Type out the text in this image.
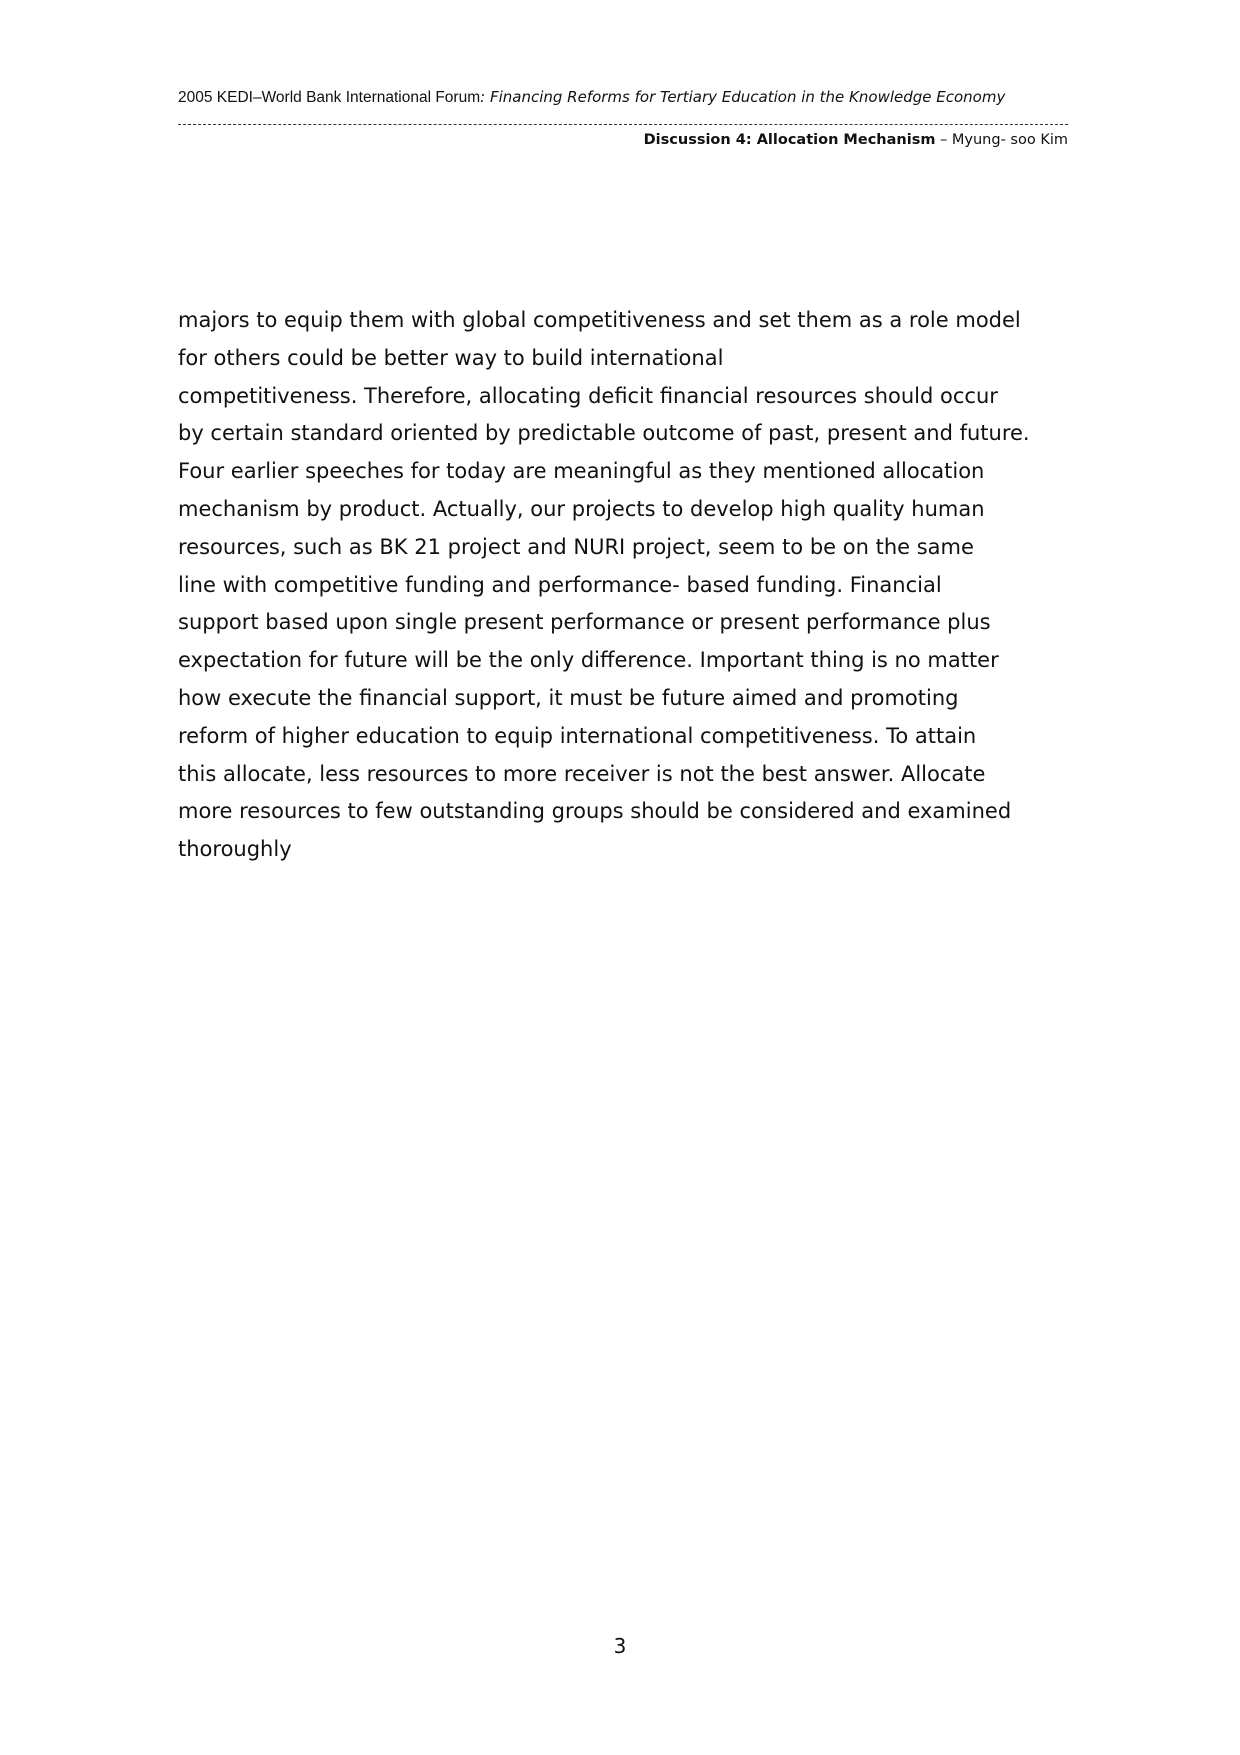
2005 KEDI–World Bank International Forum: Financing Reforms for Tertiary Education in the Knowledge Economy
Discussion 4: Allocation Mechanism – Myung- soo Kim
majors to equip them with global competitiveness and set them as a role model
for others could be better way to build international
competitiveness. Therefore, allocating deficit financial resources should occur
by certain standard oriented by predictable outcome of past, present and future.
Four earlier speeches for today are meaningful as they mentioned allocation
mechanism by product. Actually, our projects to develop high quality human
resources, such as BK 21 project and NURI project, seem to be on the same
line with competitive funding and performance- based funding. Financial
support based upon single present performance or present performance plus
expectation for future will be the only difference. Important thing is no matter
how execute the financial support, it must be future aimed and promoting
reform of higher education to equip international competitiveness. To attain
this allocate, less resources to more receiver is not the best answer. Allocate
more resources to few outstanding groups should be considered and examined
thoroughly
3
